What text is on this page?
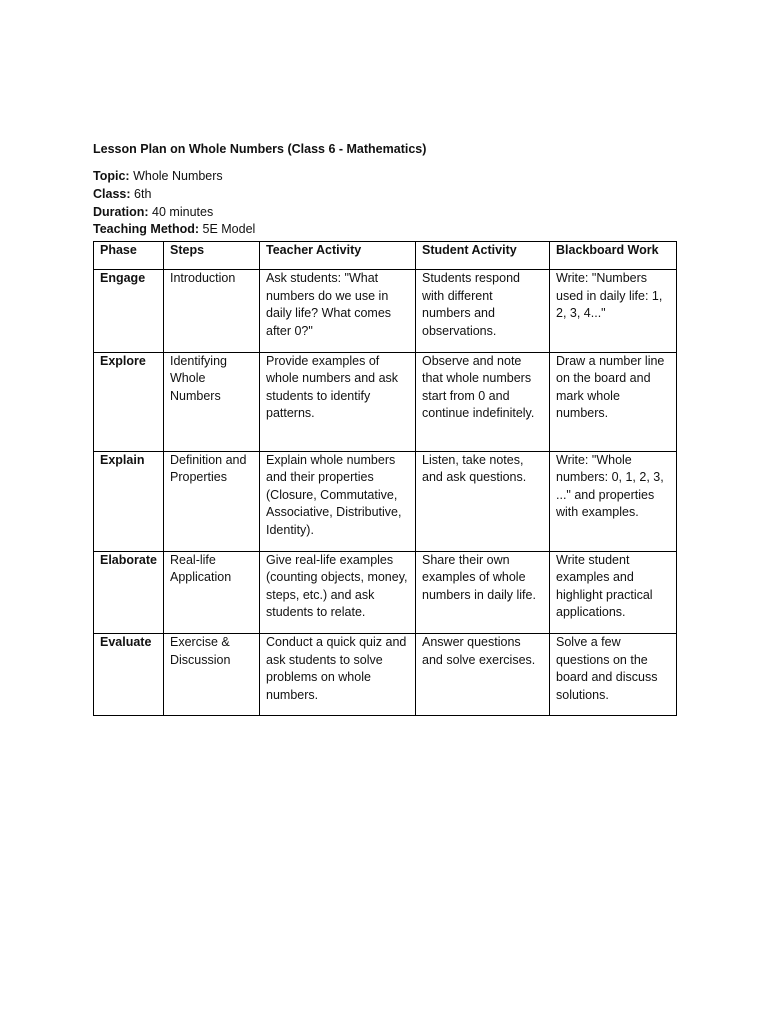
Lesson Plan on Whole Numbers (Class 6 - Mathematics)

Topic: Whole Numbers

Class: 6th

Duration: 40 minutes

Teaching Method: 5E Model

Phase	Steps	Teacher Activity	Student Activity	Blackboard Work
Engage	Introduction	Ask students: "What numbers do we use in daily life? What comes after 0?"	Students respond with different numbers and observations.	Write: "Numbers used in daily life: 1, 2, 3, 4..."
Explore	Identifying Whole Numbers	Provide examples of whole numbers and ask students to identify patterns.	Observe and note that whole numbers start from 0 and continue indefinitely.	Draw a number line on the board and mark whole numbers.
Explain	Definition and Properties	Explain whole numbers and their properties (Closure, Commutative, Associative, Distributive, Identity).	Listen, take notes, and ask questions.	Write: "Whole numbers: 0, 1, 2, 3, ..." and properties with examples.
Elaborate	Real-life Application	Give real-life examples (counting objects, money, steps, etc.) and ask students to relate.	Share their own examples of whole numbers in daily life.	Write student examples and highlight practical applications.
Evaluate	Exercise & Discussion	Conduct a quick quiz and ask students to solve problems on whole numbers.	Answer questions and solve exercises.	Solve a few questions on the board and discuss solutions.
